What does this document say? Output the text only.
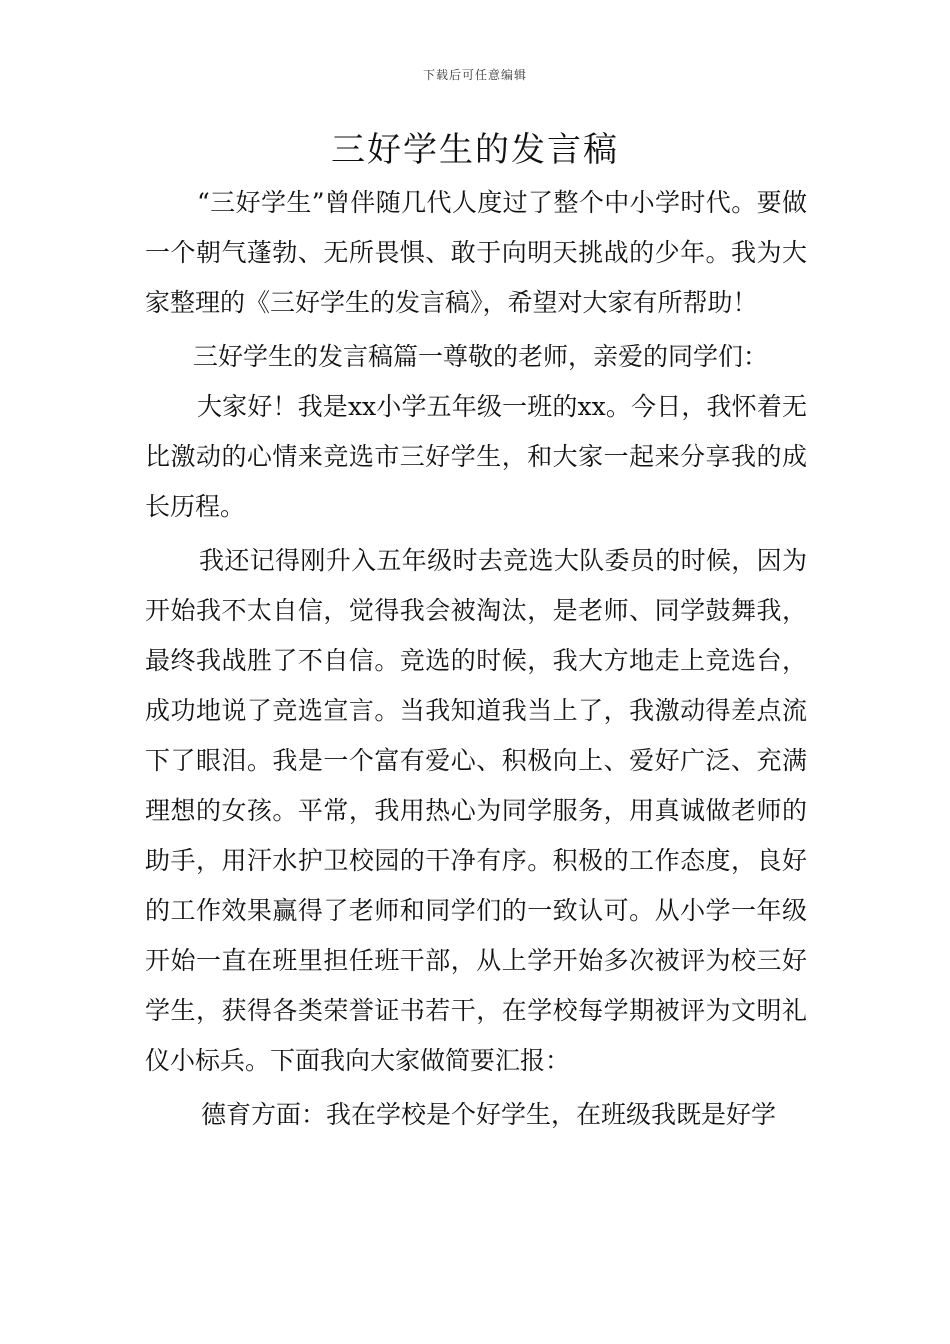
下载后可任意编辑
三好学生的发言稿

“三好学生”曾伴随几代人度过了整个中小学时代。要做一个朝气蓬勃、无所畏惧、敢于向明天挑战的少年。我为大家整理的《三好学生的发言稿》，希望对大家有所帮助！

三好学生的发言稿篇一尊敬的老师，亲爱的同学们：

大家好！我是xx小学五年级一班的xx。今日，我怀着无比激动的心情来竞选市三好学生，和大家一起来分享我的成长历程。

我还记得刚升入五年级时去竞选大队委员的时候，因为开始我不太自信，觉得我会被淘汰，是老师、同学鼓舞我，最终我战胜了不自信。竞选的时候，我大方地走上竞选台，成功地说了竞选宣言。当我知道我当上了，我激动得差点流下了眼泪。我是一个富有爱心、积极向上、爱好广泛、充满理想的女孩。平常，我用热心为同学服务，用真诚做老师的助手，用汗水护卫校园的干净有序。积极的工作态度，良好的工作效果赢得了老师和同学们的一致认可。从小学一年级开始一直在班里担任班干部，从上学开始多次被评为校三好学生，获得各类荣誉证书若干，在学校每学期被评为文明礼仪小标兵。下面我向大家做简要汇报：

德育方面：我在学校是个好学生，在班级我既是好学
